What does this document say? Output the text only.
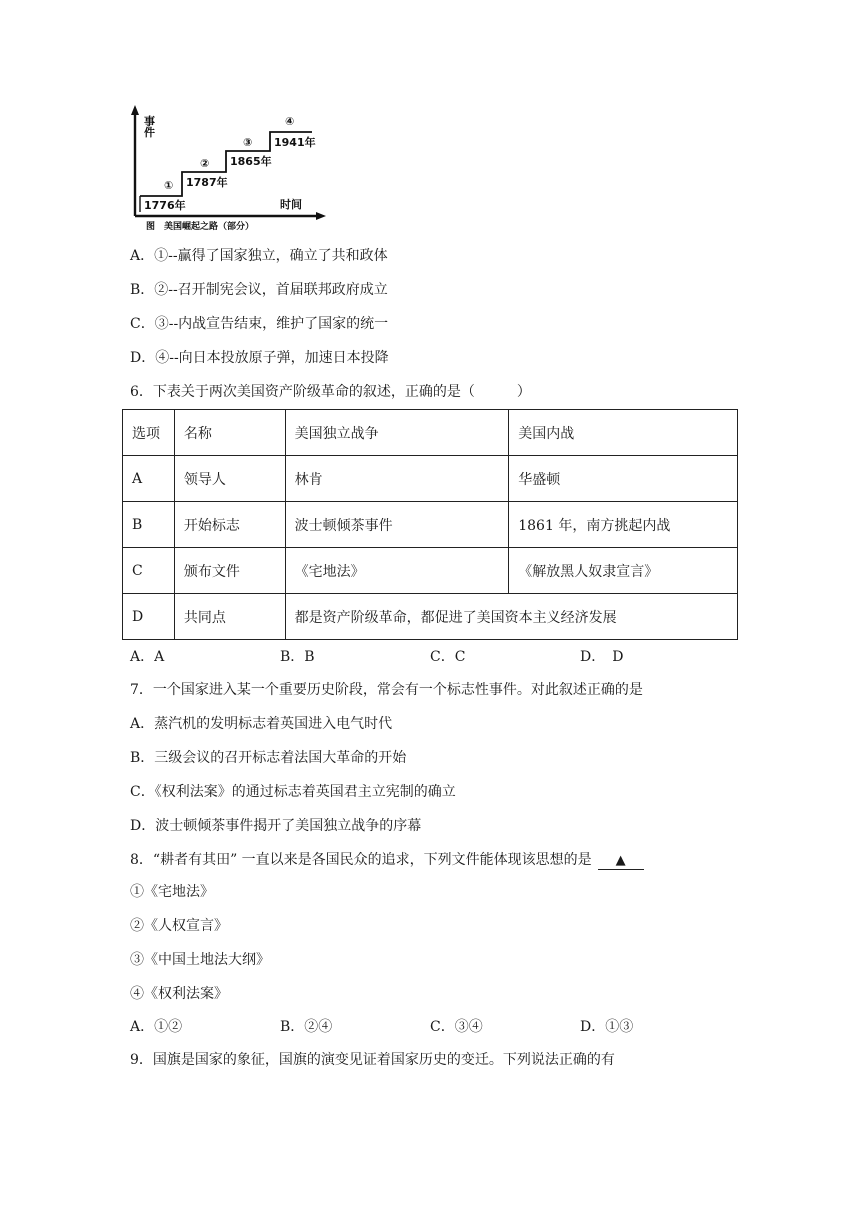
事件
①
1776年
②
1787年
③
1865年
④
1941年
时间
图　美国崛起之路（部分）
A．①--赢得了国家独立，确立了共和政体
B．②--召开制宪会议，首届联邦政府成立
C．③--内战宣告结束，维护了国家的统一
D．④--向日本投放原子弹，加速日本投降
6．下表关于两次美国资产阶级革命的叙述，正确的是（　　　）
选项	名称	美国独立战争	美国内战
A	领导人	林肯	华盛顿
B	开始标志	波士顿倾茶事件	1861 年，南方挑起内战
C	颁布文件	《宅地法》	《解放黑人奴隶宣言》
D	共同点	都是资产阶级革命，都促进了美国资本主义经济发展	
A．A	B．B	C．C	D．　D
7．一个国家进入某一个重要历史阶段，常会有一个标志性事件。对此叙述正确的是
A．蒸汽机的发明标志着英国进入电气时代
B．三级会议的召开标志着法国大革命的开始
C．《权利法案》的通过标志着英国君主立宪制的确立
D．波士顿倾茶事件揭开了美国独立战争的序幕
8．“耕者有其田” 一直以来是各国民众的追求，下列文件能体现该思想的是 ▲
①《宅地法》
②《人权宣言》
③《中国土地法大纲》
④《权利法案》
A．①②	B．②④	C．③④	D．①③
9．国旗是国家的象征，国旗的演变见证着国家历史的变迁。下列说法正确的有
